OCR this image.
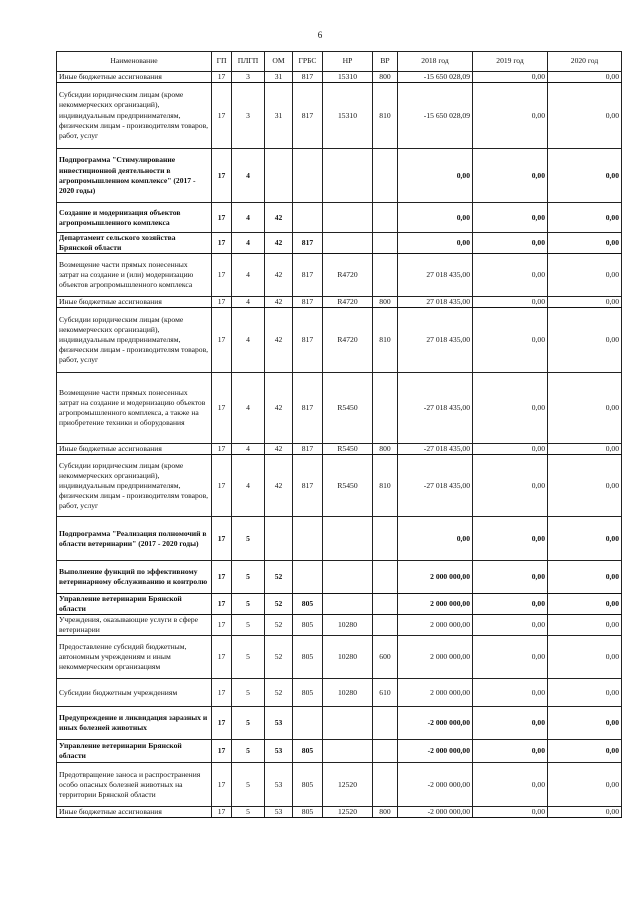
6
Наименование	ГП	ПЛГП	ОМ	ГРБС	НР	ВР	2018 год	2019 год	2020 год
Иные бюджетные ассигнования	17	3	31	817	15310	800	-15 650 028,09	0,00	0,00
Субсидии юридическим лицам (кроме некоммерческих организаций), индивидуальным предпринимателям, физическим лицам - производителям товаров, работ, услуг	17	3	31	817	15310	810	-15 650 028,09	0,00	0,00
Подпрограмма "Стимулирование инвестиционной деятельности в агропромышленном комплексе" (2017 - 2020 годы)	17	4					0,00	0,00	0,00
Создание и модернизация объектов агропромышленного комплекса	17	4	42				0,00	0,00	0,00
Департамент сельского хозяйства Брянской области	17	4	42	817			0,00	0,00	0,00
Возмещение части прямых понесенных затрат на создание и (или) модернизацию объектов агропромышленного комплекса	17	4	42	817	R4720		27 018 435,00	0,00	0,00
Иные бюджетные ассигнования	17	4	42	817	R4720	800	27 018 435,00	0,00	0,00
Субсидии юридическим лицам (кроме некоммерческих организаций), индивидуальным предпринимателям, физическим лицам - производителям товаров, работ, услуг	17	4	42	817	R4720	810	27 018 435,00	0,00	0,00
Возмещение части прямых понесенных затрат на создание и модернизацию объектов агропромышленного комплекса, а также на приобретение техники и оборудования	17	4	42	817	R5450		-27 018 435,00	0,00	0,00
Иные бюджетные ассигнования	17	4	42	817	R5450	800	-27 018 435,00	0,00	0,00
Субсидии юридическим лицам (кроме некоммерческих организаций), индивидуальным предпринимателям, физическим лицам - производителям товаров, работ, услуг	17	4	42	817	R5450	810	-27 018 435,00	0,00	0,00
Подпрограмма "Реализация полномочий в области ветеринарии" (2017 - 2020 годы)	17	5					0,00	0,00	0,00
Выполнение функций по эффективному ветеринарному обслуживанию и контролю	17	5	52				2 000 000,00	0,00	0,00
Управление ветеринарии Брянской области	17	5	52	805			2 000 000,00	0,00	0,00
Учреждения, оказывающие услуги в сфере ветеринарии	17	5	52	805	10280		2 000 000,00	0,00	0,00
Предоставление субсидий бюджетным, автономным учреждениям и иным некоммерческим организациям	17	5	52	805	10280	600	2 000 000,00	0,00	0,00
Субсидии бюджетным учреждениям	17	5	52	805	10280	610	2 000 000,00	0,00	0,00
Предупреждение и ликвидация заразных и иных болезней животных	17	5	53				-2 000 000,00	0,00	0,00
Управление ветеринарии Брянской области	17	5	53	805			-2 000 000,00	0,00	0,00
Предотвращение заноса и распространения особо опасных болезней животных на территории Брянской области	17	5	53	805	12520		-2 000 000,00	0,00	0,00
Иные бюджетные ассигнования	17	5	53	805	12520	800	-2 000 000,00	0,00	0,00
